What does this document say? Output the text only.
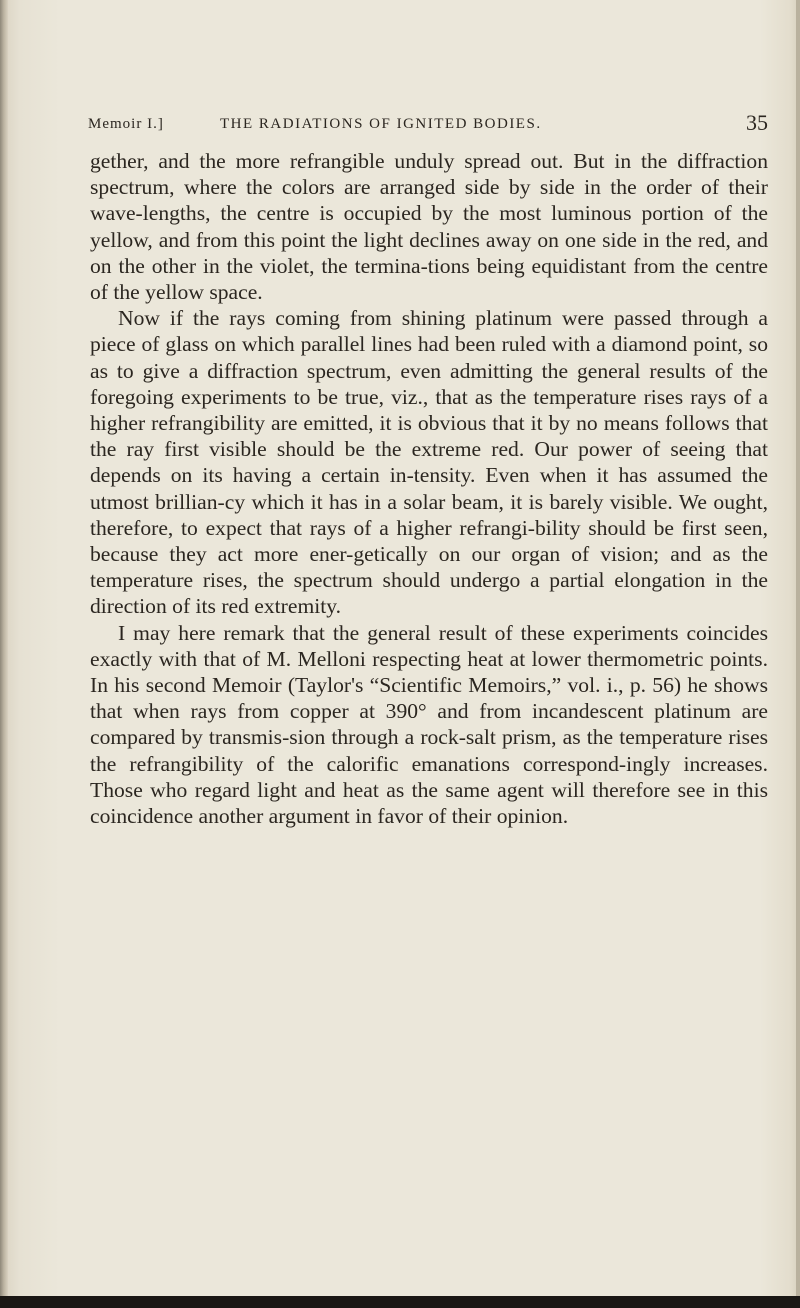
Memoir I.]	THE RADIATIONS OF IGNITED BODIES.	35

gether, and the more refrangible unduly spread out. But in the diffraction spectrum, where the colors are arranged side by side in the order of their wave-lengths, the centre is occupied by the most luminous portion of the yellow, and from this point the light declines away on one side in the red, and on the other in the violet, the termina-tions being equidistant from the centre of the yellow space.

Now if the rays coming from shining platinum were passed through a piece of glass on which parallel lines had been ruled with a diamond point, so as to give a diffraction spectrum, even admitting the general results of the foregoing experiments to be true, viz., that as the temperature rises rays of a higher refrangibility are emitted, it is obvious that it by no means follows that the ray first visible should be the extreme red. Our power of seeing that depends on its having a certain in-tensity. Even when it has assumed the utmost brillian-cy which it has in a solar beam, it is barely visible. We ought, therefore, to expect that rays of a higher refrangi-bility should be first seen, because they act more ener-getically on our organ of vision; and as the temperature rises, the spectrum should undergo a partial elongation in the direction of its red extremity.

I may here remark that the general result of these experiments coincides exactly with that of M. Melloni respecting heat at lower thermometric points. In his second Memoir (Taylor's “Scientific Memoirs,” vol. i., p. 56) he shows that when rays from copper at 390° and from incandescent platinum are compared by transmis-sion through a rock-salt prism, as the temperature rises the refrangibility of the calorific emanations correspond-ingly increases. Those who regard light and heat as the same agent will therefore see in this coincidence another argument in favor of their opinion.
